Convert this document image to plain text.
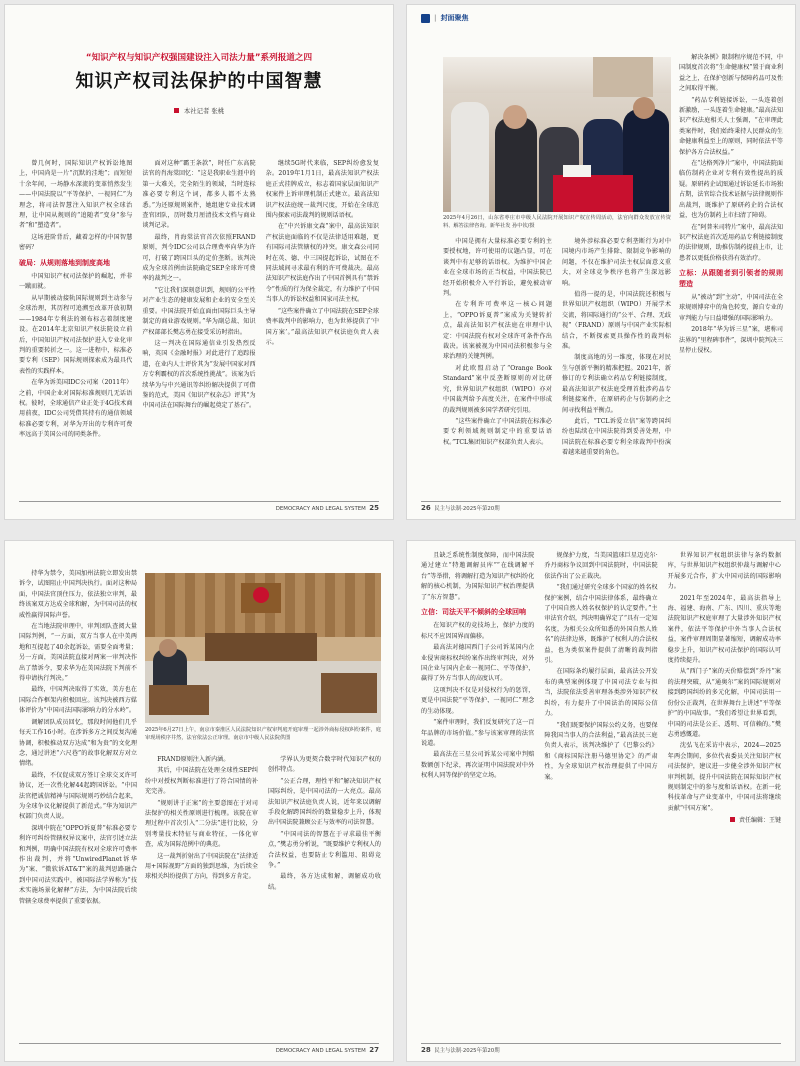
“知识产权与知识产权强国建设注入司法力量”系列报道之四
知识产权司法保护的中国智慧
本社记者 张桃

曾几何时，国际知识产权诉讼地图上，中国尚是一片“沉默的洼地”；而短短十余年间，一场静水深流的变革悄然发生——中国法院以“平等保护、一视同仁”为理念，将司法智慧注入知识产权全球治理，让中国从规则的“追随者”变身“参与者”和“塑造者”。

这场进阶背后，藏着怎样的中国智慧密码？

破局：从规则落地到制度高地

中国知识产权司法保护的崛起，并非一蹴而就。

从早期被动接轨国际规则到主动参与全球治理，其历程可追溯至改革开放初期——1984年专利法的颁布标志着制度建设。在2014年北京知识产权法院设立前后，中国知识产权司法保护进入专业化审判的重要转折之一。这一进程中，标准必要专利（SEP）国际规则探索成为最具代表性的实践样本。

在华为诉美国IDC公司案（2011年）之前，中国企业对国际标准规则几无话语权。彼时，全球通信产业正处于4G技术商用前夜，IDC公司凭借其持有的通信领域标准必要专利，对华为开出的专利许可费率远高于美国公司的同类条件。

面对这种“霸王条款”，时任广东高院法官的肖海棠回忆：“这是我职业生涯中的第一大难关，完全陌生的领域，当时连标准必要专利这个词，都多人都不太熟悉。”为还原规则案件，她组建专业技术调查官团队，历时数月厘清技术文档与商业谈判记录。

最终，肖海棠法官首次依照FRAND原则，判令IDC公司以合理费率向华为许可，打破了跨国巨头的定价垄断。该判决成为全球首例由法院确定SEP全球许可费率的裁判之一。

“它让我们深刻意识到，规则的公平性对产业生态的健康发展和企业的安全至关重要。中国法院开始直面由国际巨头主导制定的商业游戏规则。”华为副总裁、知识产权部部长樊志勇在接受采访时指出。

这一判决在国际通信业引发热烈反响，英国《金融时报》对此进行了追踪报道，在业内人士评价其为“发展中国家对西方专利霸权的首次系统性挑战”。该案为后续华为与中兴通讯等纠纷解决提供了可借鉴的范式，美国《知识产权杂志》评其“为中国司法在国际舞台的崛起奠定了基石”。

继续5G时代来临，SEP纠纷愈发复杂。2019年1月1日，最高法知识产权法庭正式挂牌成立，标志着国家层面知识产权案件上诉审理机制正式建立。最高法知识产权法庭统一裁判尺度，开始在全球范围内探索司法裁判的规则话语权。

在“中兴诉康文森”案中，最高法知识产权法庭面临的不仅是法律适用难题，更有国际司法管辖权的冲突。康文森公司同时在英、德、中三国提起诉讼，试图在不同法域间寻求最有利的许可费裁决。最高法知识产权法庭作出了中国首例具有“禁诉令”性质的行为保全裁定，有力维护了中国当事人的诉讼权益和国家司法主权。

“这些案件确立了中国法院在SEP全球费率裁判中的影响力，也为世界提供了‘中国方案’。”最高法知识产权法庭负责人表示。

DEMOCRACY AND LEGAL SYSTEM 25
| 封面聚焦
2025年4月26日，山东省枣庄市中级人民法院开展知识产权宣传周活动，法官向群众发放宣传资料、解答法律咨询。新华社发 孙中钦/摄

解决条例》限制程序规范不同，中国制度首次将“生命健康权”置于商业利益之上，在保护创新与保障药品可及性之间取得平衡。

“药品专利链接诉讼，一头连着创新激励，一头连着生命健康。”最高法知识产权法庭相关人士强调，“在审理此类案件时，我们始终秉持人民群众的生命健康利益至上的原则，同时依法平等保护各方合法权益。”

在“达格列净片”案中，中国法院面临仿制药企业对专利有效性提出的质疑。原研药企试图通过诉讼延长市场独占期，法官综合技术证据与法律规则作出裁判，既维护了原研药企的合法权益，也为仿制药上市扫清了障碍。

在“阿普米司特片”案中，最高法知识产权法庭首次适用药品专利链接制度的法律规则，助推仿制药提前上市，让患者以更低价格获得有效治疗。

立标：从跟随者到引领者的规则塑造

从“被动”到“主动”，中国司法在全球规则博弈中的角色转变，源自专业的审判能力与日益增强的国际影响力。

2018年“华为诉三星”案，堪称司法界的“里程碑事件”，深圳中院判决三星停止侵权。

中国是拥有大量标准必要专利的主要授权地，许可使用的议题凸显，可在谈判中有足够的话语权。为维护中国企业在全球市场的正当权益，中国法院已经开始积极介入平行诉讼，避免被动审判。

在专利许可费率这一核心问题上，“OPPO诉夏普”案成为关键转折点，最高法知识产权法庭在审理中认定：中国法院有权对全球许可条件作出裁决。该案被视为中国司法积极参与全球治理的关键判例。

对此欧盟启动了“Orange Book Standard”案中反垄断原则的对比研究，世界知识产权组织（WIPO）亦对中国裁判给予高度关注，在案件中形成的裁判规则被多国学者研究引用。

“这些案件确立了中国法院在标准必要专利领域规则制定中的重要话语权。”TCL集团知识产权部负责人表示。

境外涉标准必要专利垄断行为对中国境内市场产生排除、限制竞争影响的问题，不仅在维护司法主权层面意义重大，对全球竞争秩序也将产生深远影响。

值得一提的是，中国法院还积极与世界知识产权组织（WIPO）开展学术交流，将国际通行的“公平、合理、无歧视”（FRAND）原则与中国产业实际相结合，不断探索更具操作性的裁判标准。

制度高地的另一维度，体现在对民生与创新平衡的精准把握。2021年，新修订的专利法确立药品专利链接制度，最高法知识产权法庭受理首批涉药品专利链接案件，在原研药企与仿制药企之间寻找利益平衡点。

此后，“TCL诉爱立信”案等跨国纠纷也陆续在中国法院得到妥善处理，中国法院在标准必要专利全球裁判中扮演着越来越重要的角色。

26 民主与法制·2025年第20期

持华为禁令，美国加州法院立即发出禁诉令，试图阻止中国判决执行。面对这种局面，中国法官顶住压力，依法独立审判，最终该案双方达成全球和解，为中国司法的权威性赢得国际声誉。

在当地法院审理中，审判团队查阅大量国际判例，“一方面，双方当事人在中美两地和互提起了40余起诉讼，需要全面考量；另一方面，美国法院直接对两案一审判决作出了禁诉令，要求华为在美国法院下判前不得申请执行判决。”

最终，中国判决取得了实效，美方也在国际合作框架内积极回应。该判决被西方媒体评价为“中国司法国际影响力的分水岭”。

调解团队成员回忆，那段时间他们几乎每天工作16小时。在涉诉多方之间反复沟通协调，积极推动双方达成“和为贵”的文化理念，通过讲述“六尺巷”的故事化解双方对立情绪。

最终，不仅促成双方签订全球交叉许可协议，还一次性化解44起跨国诉讼。“中国法官把诚信精神与国际规则巧妙结合起来，为全球争议化解提供了新范式。”华为知识产权部门负责人说。

深圳中院在“OPPO诉夏普”标准必要专利许可纠纷管辖权异议案中，法官引述立法和判例，明确中国法院有权对全球许可费率作出裁判，并将“UnwiredPlanet诉华为”案、“微软诉AT&T”案的裁判思路融合到中国司法实践中，被国际法学界称为“技术实施场景化解释”方法，为中国法院后续管辖全球费率提供了重要依据。

2025年6月27日上午，南京市秦淮区人民法院知识产权审判庭开庭审理一起涉外商标侵权纠纷案件，庭审现场秩序井然，法官依法公正审理。南京市中级人民法院供图

FRAND原则注入新内涵。

其后，中国法院在处理全球性SEP纠纷中对授权判断标准进行了符合国情的补充完善。

“规则讲于正案”的主要意图在于对司法保护的相关性原则进行梳理。该院在审理过程中首次引入“二分法”进行比较，分别考量技术特征与商业特征，一体化审查，成为国际范例中的典范。

这一裁判折射出了中国法院在“法律适用+国际视野”方面的独到思维，为后续全球相关纠纷提供了方向，得到多方肯定。

学界认为更契合数字时代知识产权的创作特点。

“公正合理，理性平和”解决知识产权国际纠纷，是中国司法的一大亮点。最高法知识产权法庭负责人说，近年来以调解手段化解跨国纠纷的数量稳步上升，体现出中国法院兼顾公正与效率的司法智慧。

“中国司法的智慧在于寻求最佳平衡点，”樊志勇分析说，“既要维护专利权人的合法权益，也要防止专利滥用、阻碍竞争。”

最终，各方达成和解，调解成功收结。

DEMOCRACY AND LEGAL SYSTEM 27

且缺乏系统性制度保障，而中国法院通过建立“特邀调解员库”“在线调解平台”等举措，将调解打造为知识产权纠纷化解的核心机制，为国际知识产权治理提供了“东方智慧”。

立信：司法天平不倾斜的全球回响

在知识产权的竞技场上，保护力度的标尺不应因国界而偏移。

最高法对德国西门子公司诉某国内企业侵害商标权纠纷案作出终审判决，对外国企业与国内企业一视同仁、平等保护，赢得了外方当事人的高度认可。

这项判决不仅是对侵权行为的惩罚，更是中国法院“平等保护、一视同仁”理念的生动体现。

“案件审理时，我们反复研究了这一百年品牌的市场价值。”参与该案审理的法官说道。

最高法在三星公司诉某公司案中判赔数额创下纪录，再次证明中国法院对中外权利人同等保护的坚定立场。

规保护力度，当美国篮球巨星迈克尔·乔丹商标争议回到中国法院时，中国法院依法作出了公正裁决。

“我们通过研究全球多个国家的姓名权保护案例，结合中国法律体系，最终确立了中国自然人姓名权保护的认定要件。”主审法官介绍，判决明确界定了“具有一定知名度，为相关公众所知悉的外国自然人姓名”的法律边界，既维护了权利人的合法权益，也为类似案件提供了清晰的裁判指引。

在国际条约履行层面，最高法公开发布的典型案例体现了中国司法专业与担当，法院依法妥善审理各类涉外知识产权纠纷，有力提升了中国法治的国际公信力。

“我们既要保护国际公约义务，也要保障我国当事人的合法利益，”最高法民三庭负责人表示，该判决维护了《巴黎公约》和《商标国际注册马德里协定》的严肃性，为全球知识产权治理提供了中国方案。

世界知识产权组织法律与条约数据库，与世界知识产权组织仲裁与调解中心开展多元合作，扩大中国司法的国际影响力。

2021年至2024年，最高法指导上海、福建、海南、广东、四川、重庆等地法院知识产权庭审理了大量涉外知识产权案件，依法平等保护中外当事人合法权益，案件审理周期显著缩短，调解成功率稳步上升，知识产权司法保护的国际认可度持续提升。

从“西门子”案的天价赔偿到“乔丹”案的法理突破，从“通奥尔”案的国际规则对接到跨国纠纷的多元化解，中国司法用一份份公正裁判，在世界舞台上讲述“平等保护”的中国故事。“我们希望让世界看到，中国的司法是公正、透明、可信赖的。”樊志勇感慨道。

沈弘飞在采访中表示，2024—2025年两会期间，多位代表委员关注知识产权司法保护，建议进一步健全涉外知识产权审判机制，提升中国法院在国际知识产权规则制定中的参与度和话语权。在新一轮科技革命与产业变革中，中国司法将继续贡献“中国方案”。

责任编辑：王键
28 民主与法制·2025年第20期
